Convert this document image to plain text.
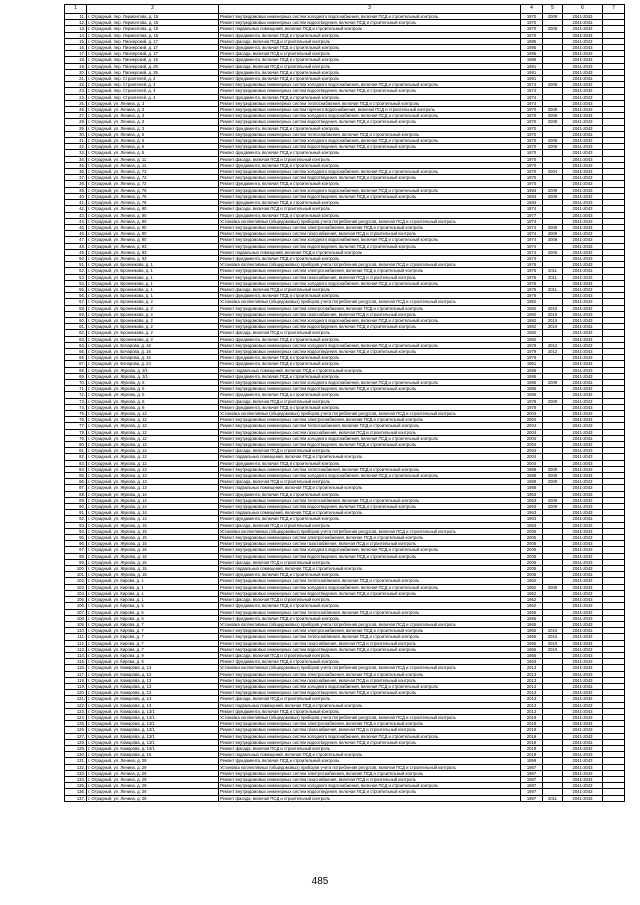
1	2	3	4	5	6	7
11.	г. Отрадный, пер. Лермонтова, д. 15	Ремонт внутридомовых инженерных систем холодного водоснабжения, включая ПСД и строительный контроль	1970	2008	2041-2043	
12.	г. Отрадный, пер. Лермонтова, д. 15	Ремонт внутридомовых инженерных систем водоотведения, включая ПСД и строительный контроль	1970		2041-2043	
13.	г. Отрадный, пер. Лермонтова, д. 15	Ремонт подвальных помещений, включая ПСД и строительный контроль	1970	2008	2041-2043	
14.	г. Отрадный, пер. Лермонтова, д. 15	Ремонт фундамента, включая ПСД и строительный контроль	1970		2041-2043	
15.	г. Отрадный, пер. Пионерский, д. 17	Ремонт фасада, включая ПСД и строительный контроль	1985		2041-2043	
16.	г. Отрадный, пер. Пионерский, д. 17	Ремонт фундамента, включая ПСД и строительный контроль	1985		2041-2043	
17.	г. Отрадный, пер. Пионерский, д. 17	Ремонт фасада, включая ПСД и строительный контроль	1985		2041-2043	
18.	г. Отрадный, пер. Пионерский, д. 19	Ремонт фундамента, включая ПСД и строительный контроль	1985		2041-2043	
19.	г. Отрадный, пер. Пионерский, д. 25	Ремонт фасада, включая ПСД и строительный контроль	1991		2041-2043	
20.	г. Отрадный, пер. Пионерский, д. 25	Ремонт фундамента, включая ПСД и строительный контроль	1991		2041-2043	
21.	г. Отрадный, пер. Строителей, д. 4	Ремонт фундамента, включая ПСД и строительный контроль	1991		2041-2043	
22.	г. Отрадный, пер. Строителей, д. 4	Ремонт внутридомовых инженерных систем холодного водоснабжения, включая ПСД и строительный контроль	1974	2008	2041-2043	
23.	г. Отрадный, пер. Строителей, д. 4	Ремонт внутридомовых инженерных систем водоотведения, включая ПСД и строительный контроль	1974		2041-2043	
24.	г. Отрадный, пер. Строителей, д. 4	Ремонт фундамента, включая ПСД и строительный контроль	1974		2041-2043	
25.	г. Отрадный, ул. Ленина, д. 3	Ремонт внутридомовых инженерных систем теплоснабжения, включая ПСД и строительный контроль	1974		2041-2043	
26.	г. Отрадный, ул. Ленина, д. 3	Ремонт внутридомовых инженерных систем горячего водоснабжения, включая ПСД и строительный контроль	1970	2008	2041-2043	
27.	г. Отрадный, ул. Ленина, д. 3	Ремонт внутридомовых инженерных систем холодного водоснабжения, включая ПСД и строительный контроль	1970	2008	2041-2043	
28.	г. Отрадный, ул. Ленина, д. 3	Ремонт внутридомовых инженерных систем водоотведения, включая ПСД и строительный контроль	1970	2008	2041-2043	
29.	г. Отрадный, ул. Ленина, д. 3	Ремонт фундамента, включая ПСД и строительный контроль	1970		2041-2043	
30.	г. Отрадный, ул. Ленина, д. 5	Ремонт внутридомовых инженерных систем теплоснабжения, включая ПСД и строительный контроль	1970		2041-2043	
31.	г. Отрадный, ул. Ленина, д. 5	Ремонт внутридомовых инженерных систем холодного водоснабжения, включая ПСД и строительный контроль	1970	2008	2041-2043	
32.	г. Отрадный, ул. Ленина, д. 5	Ремонт внутридомовых инженерных систем водоотведения, включая ПСД и строительный контроль	1970	2008	2041-2043	
33.	г. Отрадный, ул. Ленина, д. 5	Ремонт фундамента, включая ПСД и строительный контроль	1970		2041-2043	
34.	г. Отрадный, ул. Ленина, д. 11	Ремонт фасада, включая ПСД и строительный контроль	1970		2041-2043	
35.	г. Отрадный, ул. Ленина, д. 11	Ремонт фундамента, включая ПСД и строительный контроль	1970		2041-2043	
36.	г. Отрадный, ул. Ленина, д. 72	Ремонт внутридомовых инженерных систем холодного водоснабжения, включая ПСД и строительный контроль	1970	2004	2041-2043	
37.	г. Отрадный, ул. Ленина, д. 72	Ремонт внутридомовых инженерных систем водоотведения, включая ПСД и строительный контроль	1970		2041-2043	
38.	г. Отрадный, ул. Ленина, д. 72	Ремонт фундамента, включая ПСД и строительный контроль	1970		2041-2043	
39.	г. Отрадный, ул. Ленина, д. 76	Ремонт внутридомовых инженерных систем холодного водоснабжения, включая ПСД и строительный контроль	1983	2009	2041-2043	
40.	г. Отрадный, ул. Ленина, д. 76	Ремонт внутридомовых инженерных систем водоотведения, включая ПСД и строительный контроль	1983	2009	2041-2043	
41.	г. Отрадный, ул. Ленина, д. 76	Ремонт фундамента, включая ПСД и строительный контроль	1983		2041-2043	
42.	г. Отрадный, ул. Ленина, д. 90	Ремонт фасада, включая ПСД и строительный контроль	1974		2041-2043	
43.	г. Отрадный, ул. Ленина, д. 90	Ремонт фундамента, включая ПСД и строительный контроль	1977		2041-2043	
44.	г. Отрадный, ул. Ленина, д. 90	Установка коллективных (общедомовых) приборов учета потребления ресурсов, включая ПСД и строительный контроль	1974		2041-2043	
45.	г. Отрадный, ул. Ленина, д. 90	Ремонт внутридомовых инженерных систем электроснабжения, включая ПСД и строительный контроль	1974	2009	2041-2043	
46.	г. Отрадный, ул. Ленина, д. 90	Ремонт внутридомовых инженерных систем газоснабжения, включая ПСД и строительный контроль	1974	2009	2041-2043	
47.	г. Отрадный, ул. Ленина, д. 90	Ремонт внутридомовых инженерных систем холодного водоснабжения, включая ПСД и строительный контроль	1974	2006	2041-2043	
48.	г. Отрадный, ул. Ленина, д. 93	Ремонт внутридомовых инженерных систем водоотведения, включая ПСД и строительный контроль	1974		2041-2043	
49.	г. Отрадный, ул. Ленина, д. 93	Ремонт подвальных помещений, включая ПСД и строительный контроль	1974	2006	2041-2043	
50.	г. Отрадный, ул. Ленина, д. 93	Ремонт фундамента, включая ПСД и строительный контроль	1974		2041-2043	
51.	г. Отрадный, ул. Бронникова, д. 1	Установка коллективных (общедомовых) приборов учета потребления ресурсов, включая ПСД и строительный контроль	1976		2041-2043	
52.	г. Отрадный, ул. Бронникова, д. 1	Ремонт внутридомовых инженерных систем электроснабжения, включая ПСД и строительный контроль	1976	2011	2041-2043	
53.	г. Отрадный, ул. Бронникова, д. 1	Ремонт внутридомовых инженерных систем газоснабжения, включая ПСД и строительный контроль	1976	2011	2041-2043	
54.	г. Отрадный, ул. Бронникова, д. 1	Ремонт внутридомовых инженерных систем холодного водоснабжения, включая ПСД и строительный контроль	1976		2041-2043	
55.	г. Отрадный, ул. Бронникова, д. 1	Ремонт фасада, включая ПСД и строительный контроль	1976	2011	2041-2043	
56.	г. Отрадный, ул. Бронникова, д. 1	Ремонт фундамента, включая ПСД и строительный контроль	1976		2041-2043	
57.	г. Отрадный, ул. Бронникова, д. 2	Установка коллективных (общедомовых) приборов учета потребления ресурсов, включая ПСД и строительный контроль	1982		2041-2043	
58.	г. Отрадный, ул. Бронникова, д. 2	Ремонт внутридомовых инженерных систем электроснабжения, включая ПСД и строительный контроль	1982	2010	2041-2043	
59.	г. Отрадный, ул. Бронникова, д. 2	Ремонт внутридомовых инженерных систем газоснабжения, включая ПСД и строительный контроль	1982	2010	2041-2043	
60.	г. Отрадный, ул. Бронникова, д. 2	Ремонт внутридомовых инженерных систем холодного водоснабжения, включая ПСД и строительный контроль	1982	2010	2041-2043	
61.	г. Отрадный, ул. Бронникова, д. 2	Ремонт внутридомовых инженерных систем водоотведения, включая ПСД и строительный контроль	1982	2010	2041-2043	
62.	г. Отрадный, ул. Бронникова, д. 2	Ремонт фасада, включая ПСД и строительный контроль	1982		2041-2043	
63.	г. Отрадный, ул. Бронникова, д. 2	Ремонт фундамента, включая ПСД и строительный контроль	1982		2041-2043	
64.	г. Отрадный, ул. Бочарова, д. 16	Ремонт внутридомовых инженерных систем холодного водоснабжения, включая ПСД и строительный контроль	1979	2012	2041-2043	
65.	г. Отрадный, ул. Бочарова, д. 16	Ремонт внутридомовых инженерных систем водоотведения, включая ПСД и строительный контроль	1979	2012	2041-2043	
66.	г. Отрадный, ул. Бочарова, д. 16	Ремонт фундамента, включая ПСД и строительный контроль	1979		2041-2043	
67.	г. Отрадный, ул. Бочарова, д. 24	Ремонт фундамента, включая ПСД и строительный контроль	1961		2041-2043	
68.	г. Отрадный, ул. Жукова, д. 3/1	Ремонт подвальных помещений, включая ПСД и строительный контроль	1986		2041-2043	
69.	г. Отрадный, ул. Жукова, д. 3/1	Ремонт фундамента, включая ПСД и строительный контроль	1986		2041-2043	
70.	г. Отрадный, ул. Жукова, д. 5	Ремонт внутридомовых инженерных систем холодного водоснабжения, включая ПСД и строительный контроль	1985	2009	2041-2043	
71.	г. Отрадный, ул. Жукова, д. 5	Ремонт внутридомовых инженерных систем водоотведения, включая ПСД и строительный контроль	1985		2041-2043	
72.	г. Отрадный, ул. Жукова, д. 5	Ремонт фундамента, включая ПСД и строительный контроль	1985		2041-2043	
73.	г. Отрадный, ул. Жукова, д. 6	Ремонт фасада, включая ПСД и строительный контроль	1978	2009	2041-2043	
74.	г. Отрадный, ул. Жукова, д. 6	Ремонт фундамента, включая ПСД и строительный контроль	1978		2041-2043	
75.	г. Отрадный, ул. Жукова, д. 12	Установка коллективных (общедомовых) приборов учета потребления ресурсов, включая ПСД и строительный контроль	2004		2041-2043	
76.	г. Отрадный, ул. Жукова, д. 12	Ремонт внутридомовых инженерных систем электроснабжения, включая ПСД и строительный контроль	2004		2041-2043	
77.	г. Отрадный, ул. Жукова, д. 12	Ремонт внутридомовых инженерных систем теплоснабжения, включая ПСД и строительный контроль	2004		2041-2043	
78.	г. Отрадный, ул. Жукова, д. 12	Ремонт внутридомовых инженерных систем газоснабжения, включая ПСД и строительный контроль	2004		2041-2043	
79.	г. Отрадный, ул. Жукова, д. 12	Ремонт внутридомовых инженерных систем холодного водоснабжения, включая ПСД и строительный контроль	2004		2041-2043	
80.	г. Отрадный, ул. Жукова, д. 12	Ремонт внутридомовых инженерных систем водоотведения, включая ПСД и строительный контроль	2004		2041-2043	
81.	г. Отрадный, ул. Жукова, д. 12	Ремонт фасада, включая ПСД и строительный контроль	2004		2041-2043	
82.	г. Отрадный, ул. Жукова, д. 12	Ремонт подвальных помещений, включая ПСД и строительный контроль	2004		2041-2043	
83.	г. Отрадный, ул. Жукова, д. 12	Ремонт фундамента, включая ПСД и строительный контроль	2004		2041-2043	
84.	г. Отрадный, ул. Жукова, д. 13	Ремонт внутридомовых инженерных систем теплоснабжения, включая ПСД и строительный контроль	1988	2009	2041-2043	
85.	г. Отрадный, ул. Жукова, д. 13	Ремонт внутридомовых инженерных систем холодного водоснабжения, включая ПСД и строительный контроль	1988	2009	2041-2043	
86.	г. Отрадный, ул. Жукова, д. 13	Ремонт фасада, включая ПСД и строительный контроль	1988	2009	2041-2043	
87.	г. Отрадный, ул. Жукова, д. 13	Ремонт подвальных помещений, включая ПСД и строительный контроль	1988		2041-2043	
88.	г. Отрадный, ул. Жукова, д. 14	Ремонт фундамента, включая ПСД и строительный контроль	1963		2041-2043	
89.	г. Отрадный, ул. Жукова, д. 14	Ремонт внутридомовых инженерных систем теплоснабжения, включая ПСД и строительный контроль	1963	2009	2041-2043	
90.	г. Отрадный, ул. Жукова, д. 14	Ремонт внутридомовых инженерных систем водоотведения, включая ПСД и строительный контроль	1963	2009	2041-2043	
91.	г. Отрадный, ул. Жукова, д. 14	Ремонт подвальных помещений, включая ПСД и строительный контроль	1963		2041-2043	
92.	г. Отрадный, ул. Жукова, д. 14	Ремонт фундамента, включая ПСД и строительный контроль	1963		2041-2043	
93.	г. Отрадный, ул. Жукова, д. 15	Ремонт фасада, включая ПСД и строительный контроль	1963		2041-2043	
94.	г. Отрадный, ул. Жукова, д. 15	Установка коллективных (общедомовых) приборов учета потребления ресурсов, включая ПСД и строительный контроль	2005		2041-2043	
95.	г. Отрадный, ул. Жукова, д. 15	Ремонт внутридомовых инженерных систем электроснабжения, включая ПСД и строительный контроль	2005		2041-2043	
96.	г. Отрадный, ул. Жукова, д. 15	Ремонт внутридомовых инженерных систем газоснабжения, включая ПСД и строительный контроль	2005		2041-2043	
97.	г. Отрадный, ул. Жукова, д. 15	Ремонт внутридомовых инженерных систем холодного водоснабжения, включая ПСД и строительный контроль	2005		2041-2043	
98.	г. Отрадный, ул. Жукова, д. 15	Ремонт внутридомовых инженерных систем водоотведения, включая ПСД и строительный контроль	2005		2041-2043	
99.	г. Отрадный, ул. Жукова, д. 15	Ремонт фасада, включая ПСД и строительный контроль	2005		2041-2043	
100.	г. Отрадный, ул. Жукова, д. 15	Ремонт подвальных помещений, включая ПСД и строительный контроль	2005		2041-2043	
101.	г. Отрадный, ул. Жукова, д. 15	Ремонт фундамента, включая ПСД и строительный контроль	2005		2041-2043	
102.	г. Отрадный, ул. Кирова, д. 1	Ремонт внутридомовых инженерных систем теплоснабжения, включая ПСД и строительный контроль	1962		2041-2043	
103.	г. Отрадный, ул. Кирова, д. 1	Ремонт внутридомовых инженерных систем холодного водоснабжения, включая ПСД и строительный контроль	1962	2009	2041-2043	
104.	г. Отрадный, ул. Кирова, д. 1	Ремонт внутридомовых инженерных систем водоотведения, включая ПСД и строительный контроль	1962		2041-2043	
105.	г. Отрадный, ул. Кирова, д. 1	Ремонт фасада, включая ПСД и строительный контроль	1962		2041-2043	
106.	г. Отрадный, ул. Кирова, д. 5	Ремонт фундамента, включая ПСД и строительный контроль	1962		2041-2043	
107.	г. Отрадный, ул. Кирова, д. 5	Ремонт внутридомовых инженерных систем теплоснабжения, включая ПСД и строительный контроль	1965		2041-2043	
108.	г. Отрадный, ул. Кирова, д. 5	Ремонт фундамента, включая ПСД и строительный контроль	1965		2041-2043	
109.	г. Отрадный, ул. Кирова, д. 7	Установка коллективных (общедомовых) приборов учета потребления ресурсов, включая ПСД и строительный контроль	1965		2041-2043	
110.	г. Отрадный, ул. Кирова, д. 7	Ремонт внутридомовых инженерных систем электроснабжения, включая ПСД и строительный контроль	1965	2010	2041-2043	
111.	г. Отрадный, ул. Кирова, д. 7	Ремонт внутридомовых инженерных систем теплоснабжения, включая ПСД и строительный контроль	1965	2010	2041-2043	
112.	г. Отрадный, ул. Кирова, д. 7	Ремонт внутридомовых инженерных систем газоснабжения, включая ПСД и строительный контроль	1965	2010	2041-2043	
113.	г. Отрадный, ул. Кирова, д. 7	Ремонт внутридомовых инженерных систем водоотведения, включая ПСД и строительный контроль	1965	2010	2041-2043	
114.	г. Отрадный, ул. Кирова, д. 9	Ремонт фасада, включая ПСД и строительный контроль	1965		2041-2043	
115.	г. Отрадный, ул. Кирова, д. 9	Ремонт фундамента, включая ПСД и строительный контроль	1963		2041-2043	
116.	г. Отрадный, ул. Комарова, д. 13	Установка коллективных (общедомовых) приборов учета потребления ресурсов, включая ПСД и строительный контроль	2013		2041-2043	
117.	г. Отрадный, ул. Комарова, д. 13	Ремонт внутридомовых инженерных систем электроснабжения, включая ПСД и строительный контроль	2013		2041-2043	
118.	г. Отрадный, ул. Комарова, д. 13	Ремонт внутридомовых инженерных систем газоснабжения, включая ПСД и строительный контроль	2013		2041-2043	
119.	г. Отрадный, ул. Комарова, д. 13	Ремонт внутридомовых инженерных систем холодного водоснабжения, включая ПСД и строительный контроль	2013		2041-2043	
120.	г. Отрадный, ул. Комарова, д. 13	Ремонт внутридомовых инженерных систем водоотведения, включая ПСД и строительный контроль	2013		2041-2043	
121.	г. Отрадный, ул. Комарова, д. 13	Ремонт фасада, включая ПСД и строительный контроль	2013		2041-2043	
122.	г. Отрадный, ул. Комарова, д. 13	Ремонт подвальных помещений, включая ПСД и строительный контроль	2013		2041-2043	
123.	г. Отрадный, ул. Комарова, д. 13/1	Ремонт фундамента, включая ПСД и строительный контроль	2013		2041-2043	
124.	г. Отрадный, ул. Комарова, д. 13/1	Установка коллективных (общедомовых) приборов учета потребления ресурсов, включая ПСД и строительный контроль	2019		2041-2043	
125.	г. Отрадный, ул. Комарова, д. 13/1	Ремонт внутридомовых инженерных систем электроснабжения, включая ПСД и строительный контроль	2019		2041-2043	
126.	г. Отрадный, ул. Комарова, д. 13/1	Ремонт внутридомовых инженерных систем газоснабжения, включая ПСД и строительный контроль	2019		2041-2043	
127.	г. Отрадный, ул. Комарова, д. 13/1	Ремонт внутридомовых инженерных систем холодного водоснабжения, включая ПСД и строительный контроль	2019		2041-2043	
128.	г. Отрадный, ул. Комарова, д. 13/1	Ремонт внутридомовых инженерных систем водоотведения, включая ПСД и строительный контроль	2019		2041-2043	
129.	г. Отрадный, ул. Комарова, д. 13/1	Ремонт фасада, включая ПСД и строительный контроль	2019		2041-2043	
130.	г. Отрадный, ул. Комарова, д. 15	Ремонт подвальных помещений, включая ПСД и строительный контроль	2019		2041-2043	
131.	г. Отрадный, ул. Ленина, д. 29	Ремонт фундамента, включая ПСД и строительный контроль	1959		2041-2043	
132.	г. Отрадный, ул. Ленина, д. 29	Установка коллективных (общедомовых) приборов учета потребления ресурсов, включая ПСД и строительный контроль	1987		2041-2043	
133.	г. Отрадный, ул. Ленина, д. 29	Ремонт внутридомовых инженерных систем электроснабжения, включая ПСД и строительный контроль	1987		2041-2043	
134.	г. Отрадный, ул. Ленина, д. 29	Ремонт внутридомовых инженерных систем газоснабжения, включая ПСД и строительный контроль	1987		2041-2043	
135.	г. Отрадный, ул. Ленина, д. 29	Ремонт внутридомовых инженерных систем холодного водоснабжения, включая ПСД и строительный контроль	1987		2041-2043	
136.	г. Отрадный, ул. Ленина, д. 29	Ремонт внутридомовых инженерных систем водоотведения, включая ПСД и строительный контроль	1987		2041-2043	
137.	г. Отрадный, ул. Ленина, д. 29	Ремонт фасада, включая ПСД и строительный контроль	1987	2011	2041-2043	
485
